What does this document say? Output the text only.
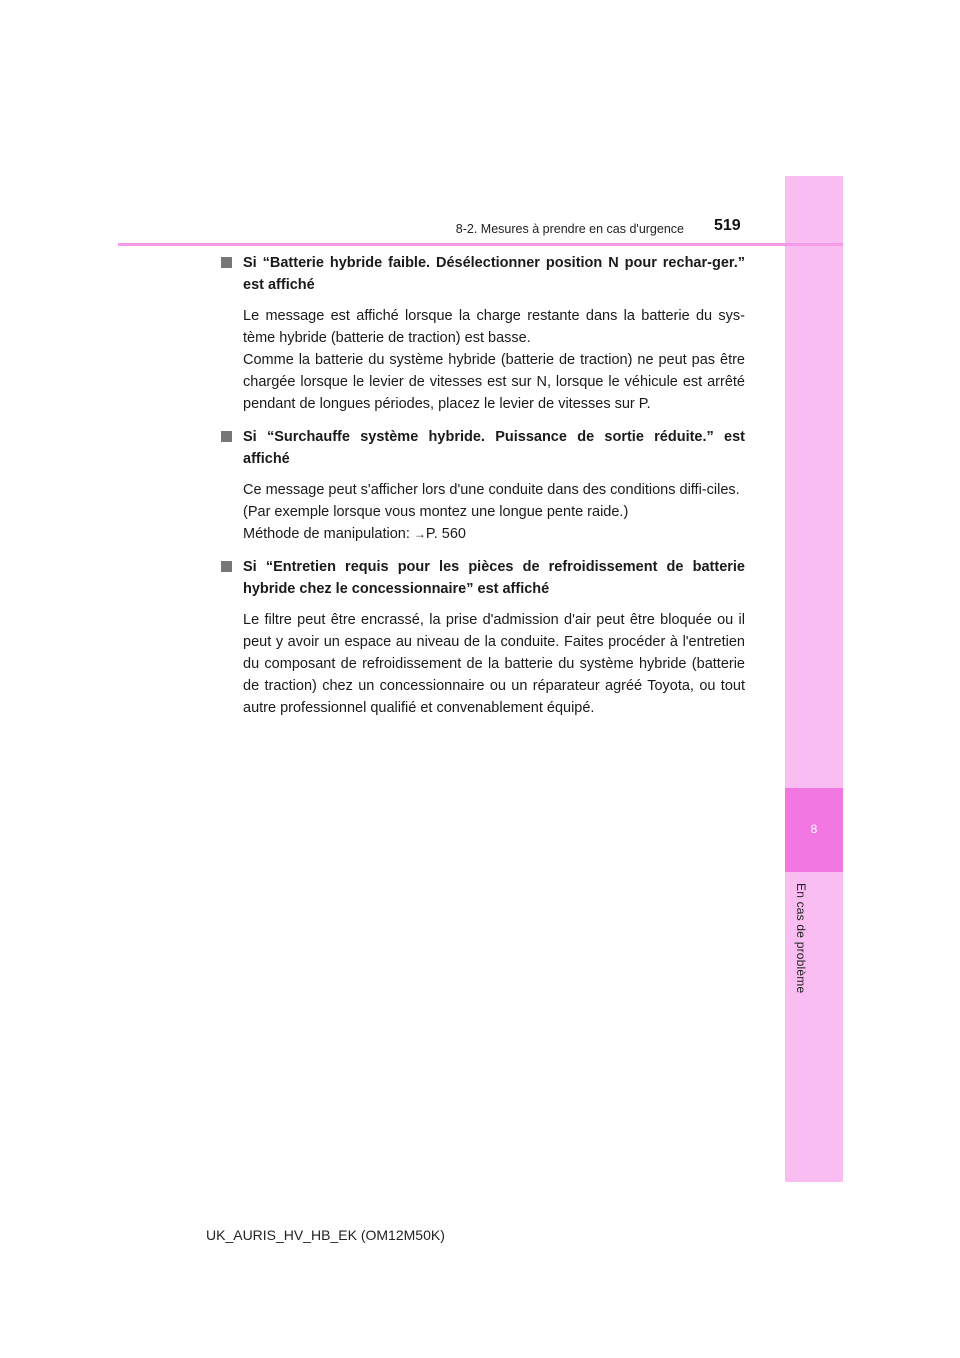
8
En cas de problème
8-2. Mesures à prendre en cas d'urgence 519

Si “Batterie hybride faible. Désélectionner position N pour rechar-ger.” est affiché

Le message est affiché lorsque la charge restante dans la batterie du sys-tème hybride (batterie de traction) est basse.

Comme la batterie du système hybride (batterie de traction) ne peut pas être chargée lorsque le levier de vitesses est sur N, lorsque le véhicule est arrêté pendant de longues périodes, placez le levier de vitesses sur P.

Si “Surchauffe système hybride. Puissance de sortie réduite.” est affiché

Ce message peut s'afficher lors d'une conduite dans des conditions diffi-ciles.

(Par exemple lorsque vous montez une longue pente raide.)

Méthode de manipulation: →P. 560

Si “Entretien requis pour les pièces de refroidissement de batterie hybride chez le concessionnaire” est affiché

Le filtre peut être encrassé, la prise d'admission d'air peut être bloquée ou il peut y avoir un espace au niveau de la conduite. Faites procéder à l'entretien du composant de refroidissement de la batterie du système hybride (batterie de traction) chez un concessionnaire ou un réparateur agréé Toyota, ou tout autre professionnel qualifié et convenablement équipé.

UK_AURIS_HV_HB_EK (OM12M50K)
